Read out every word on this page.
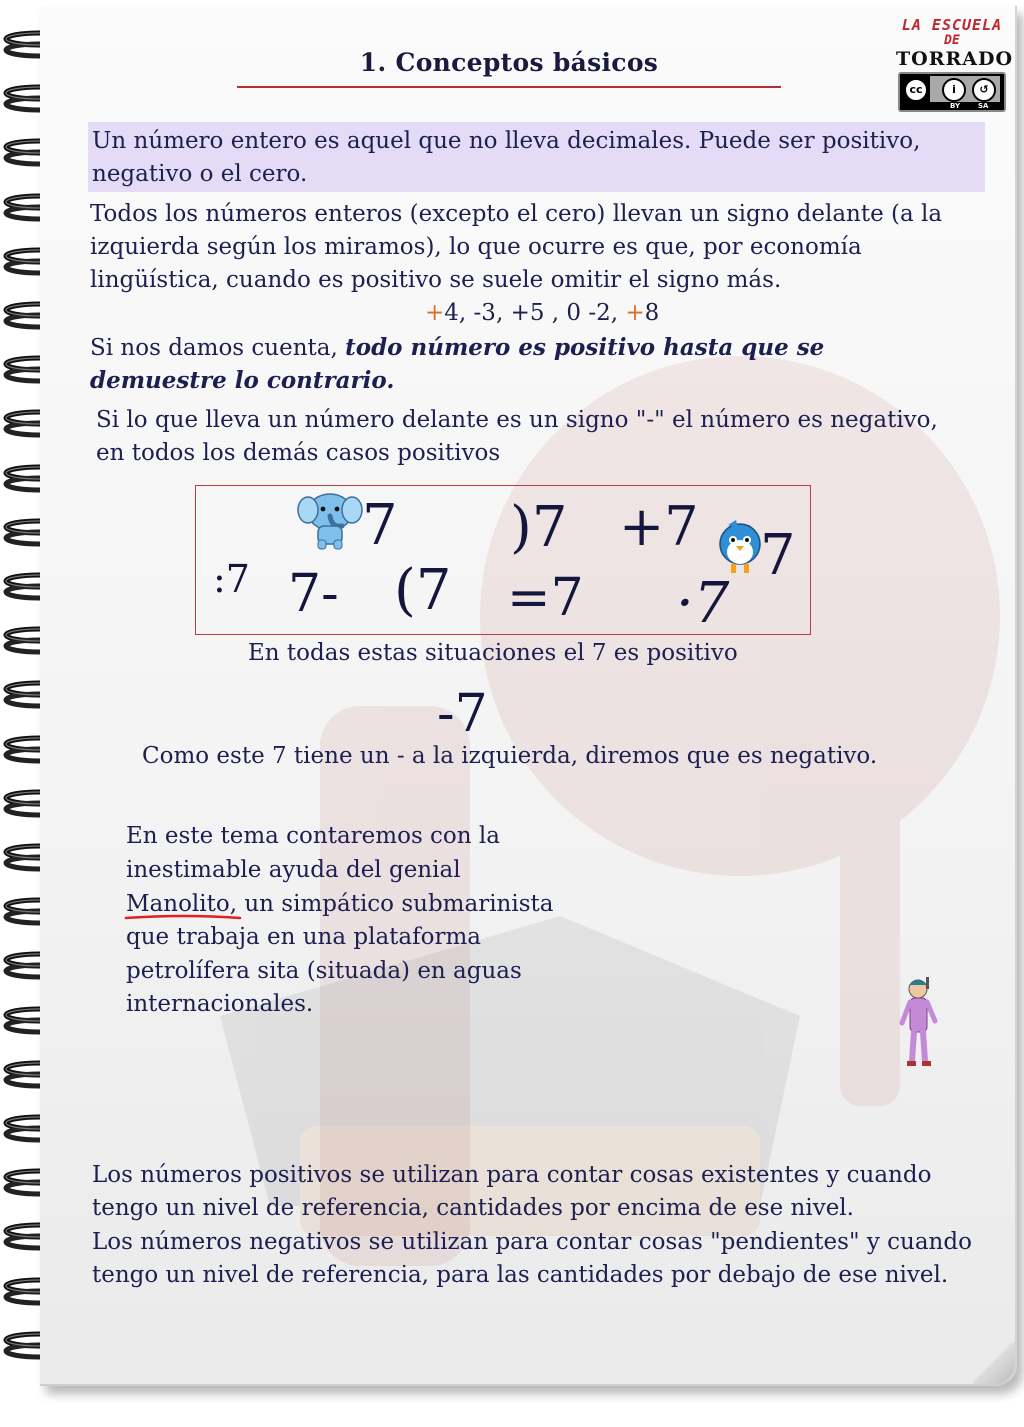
1. Conceptos básicos
LA ESCUELA
DE
TORRADO
cc	i	↺
BY	SA

Un número entero es aquel que no lleva decimales. Puede ser positivo,

negativo o el cero.

Todos los números enteros (excepto el cero) llevan un signo delante (a la

izquierda según los miramos), lo que ocurre es que, por economía

lingüística, cuando es positivo se suele omitir el signo más.

+4, -3, +5 , 0 -2, +8

Si nos damos cuenta, todo número es positivo hasta que se

demuestre lo contrario.

Si lo que lleva un número delante es un signo "-" el número es negativo,

en todos los demás casos positivos

:7
7
7- (7
)7
=7
+7
·7
7

En todas estas situaciones el 7 es positivo

-7

Como este 7 tiene un - a la izquierda, diremos que es negativo.

En este tema contaremos con la

inestimable ayuda del genial

Manolito, un simpático submarinista

que trabaja en una plataforma

petrolífera sita (situada) en aguas

internacionales.

Los números positivos se utilizan para contar cosas existentes y cuando

tengo un nivel de referencia, cantidades por encima de ese nivel.

Los números negativos se utilizan para contar cosas "pendientes" y cuando

tengo un nivel de referencia, para las cantidades por debajo de ese nivel.
